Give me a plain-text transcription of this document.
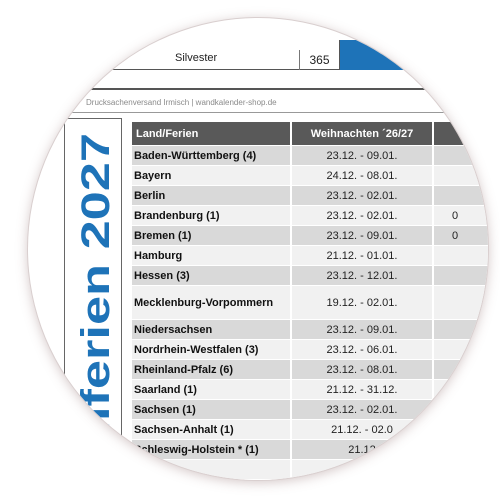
Silvester	365
Drucksachenversand Irmisch | wandkalender-shop.de
ulferien 2027
Land/Ferien	Weihnachten ´26/27
Baden-Württemberg (4)	23.12. - 09.01.
Bayern	24.12. - 08.01.
Berlin	23.12. - 02.01.
Brandenburg (1)	23.12. - 02.01.	0
Bremen (1)	23.12. - 09.01.	0
Hamburg	21.12. - 01.01.
Hessen (3)	23.12. - 12.01.
Mecklenburg-Vorpommern	19.12. - 02.01.
Niedersachsen	23.12. - 09.01.
Nordrhein-Westfalen (3)	23.12. - 06.01.
Rheinland-Pfalz (6)	23.12. - 08.01.
Saarland (1)	21.12. - 31.12.
Sachsen (1)	23.12. - 02.01.
Sachsen-Anhalt (1)	21.12. - 02.0
Schleswig-Holstein * (1)	21.12
en (1)
